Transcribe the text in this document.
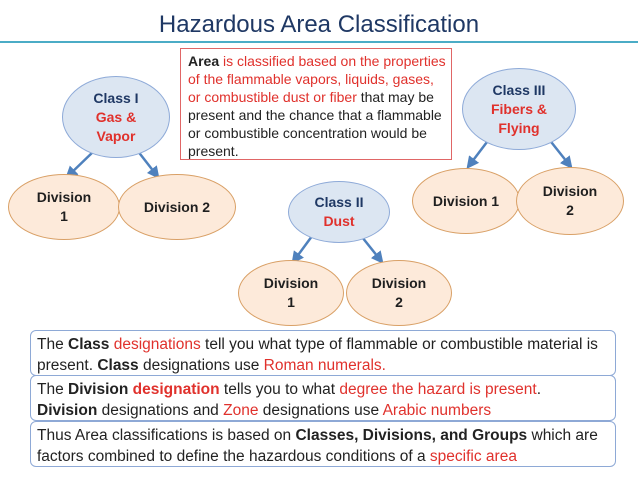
Hazardous Area Classification
Class I
Gas &
Vapor
Class II
Dust
Class III
Fibers &
Flying
Division
1
Division 2
Division
1
Division
2
Division 1
Division
2
Area is classified based on the properties of the flammable vapors, liquids, gases, or combustible dust or fiber that may be present and the chance that a flammable or combustible concentration would be present.
The Class designations tell you what type of flammable or combustible material is present. Class designations use Roman numerals.
The Division designation tells you to what degree the hazard is present.
Division designations and Zone designations use Arabic numbers
Thus Area classifications is based on Classes, Divisions, and Groups which are factors combined to define the hazardous conditions of a specific area
